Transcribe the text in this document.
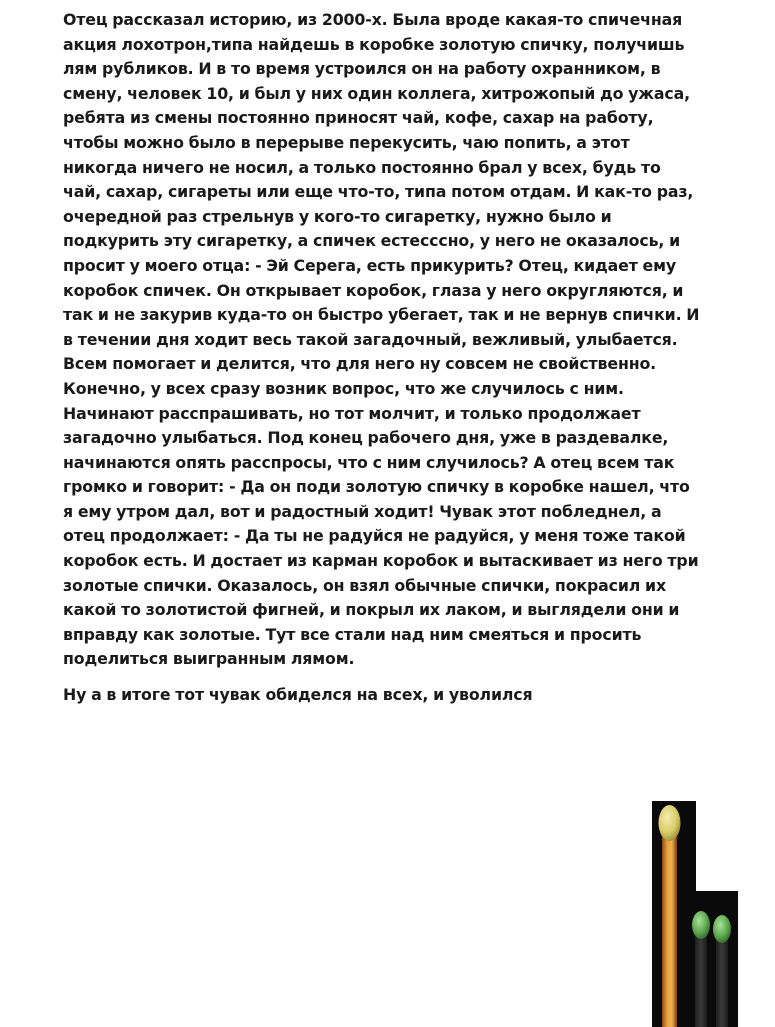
Отец рассказал историю, из 2000-х. Была вроде какая-то спичечная акция лохотрон,типа найдешь в коробке золотую спичку, получишь лям рубликов. И в то время устроился он на работу охранником, в смену, человек 10, и был у них один коллега, хитрожопый до ужаса, ребята из смены постоянно приносят чай, кофе, сахар на работу, чтобы можно было в перерыве перекусить, чаю попить, а этот никогда ничего не носил, а только постоянно брал у всех, будь то чай, сахар, сигареты или еще что-то, типа потом отдам. И как-то раз, очередной раз стрельнув у кого-то сигаретку, нужно было и подкурить эту сигаретку, а спичек естесссно, у него не оказалось, и просит у моего отца: - Эй Серега, есть прикурить? Отец, кидает ему коробок спичек. Он открывает коробок, глаза у него округляются, и так и не закурив куда-то он быстро убегает, так и не вернув спички. И в течении дня ходит весь такой загадочный, вежливый, улыбается. Всем помогает и делится, что для него ну совсем не свойственно. Конечно, у всех сразу возник вопрос, что же случилось с ним. Начинают расспрашивать, но тот молчит, и только продолжает загадочно улыбаться. Под конец рабочего дня, уже в раздевалке, начинаются опять расспросы, что с ним случилось? А отец всем так громко и говорит: - Да он поди золотую спичку в коробке нашел, что я ему утром дал, вот и радостный ходит! Чувак этот побледнел, а отец продолжает: - Да ты не радуйся не радуйся, у меня тоже такой коробок есть. И достает из карман коробок и вытаскивает из него три золотые спички. Оказалось, он взял обычные спички, покрасил их какой то золотистой фигней, и покрыл их лаком, и выглядели они и вправду как золотые. Тут все стали над ним смеяться и просить поделиться выигранным лямом.

Ну а в итоге тот чувак обиделся на всех, и уволился
